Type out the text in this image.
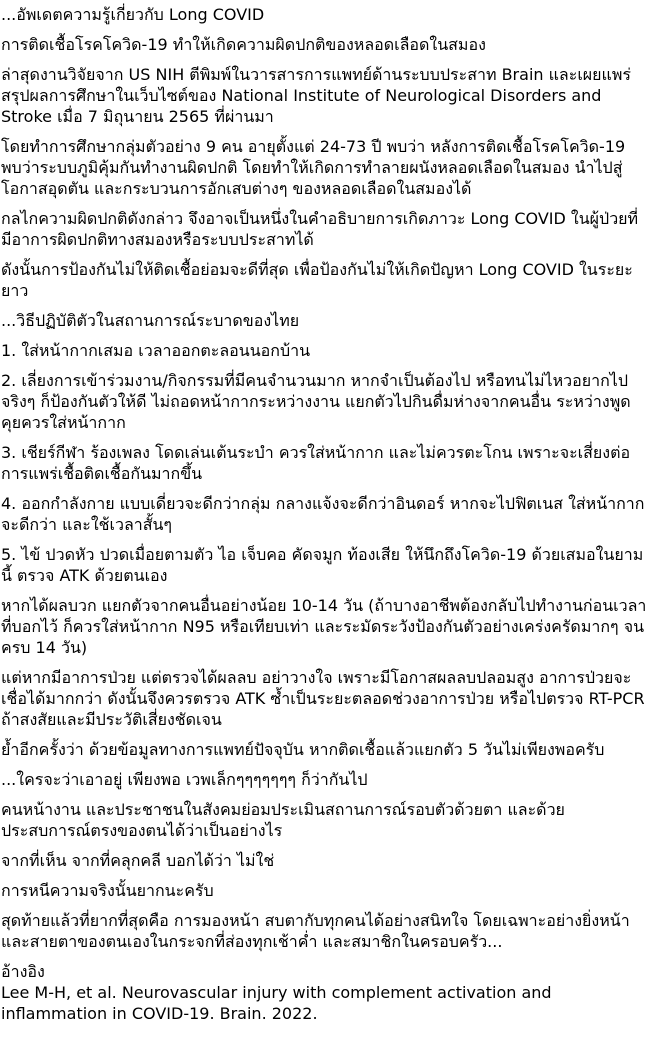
...อัพเดตความรู้เกี่ยวกับ Long COVID

การติดเชื้อโรคโควิด-19 ทำให้เกิดความผิดปกติของหลอดเลือดในสมอง

ล่าสุดงานวิจัยจาก US NIH ตีพิมพ์ในวารสารการแพทย์ด้านระบบประสาท Brain และเผยแพร่สรุปผลการศึกษาในเว็บไซต์ของ National Institute of Neurological Disorders and Stroke เมื่อ 7 มิถุนายน 2565 ที่ผ่านมา

โดยทำการศึกษากลุ่มตัวอย่าง 9 คน อายุตั้งแต่ 24-73 ปี พบว่า หลังการติดเชื้อโรคโควิด-19 พบว่าระบบภูมิคุ้มกันทำงานผิดปกติ โดยทำให้เกิดการทำลายผนังหลอดเลือดในสมอง นำไปสู่โอกาสอุดตัน และกระบวนการอักเสบต่างๆ ของหลอดเลือดในสมองได้

กลไกความผิดปกติดังกล่าว จึงอาจเป็นหนึ่งในคำอธิบายการเกิดภาวะ Long COVID ในผู้ป่วยที่มีอาการผิดปกติทางสมองหรือระบบประสาทได้

ดังนั้นการป้องกันไม่ให้ติดเชื้อย่อมจะดีที่สุด เพื่อป้องกันไม่ให้เกิดปัญหา Long COVID ในระยะยาว

...วิธีปฏิบัติตัวในสถานการณ์ระบาดของไทย

1. ใส่หน้ากากเสมอ เวลาออกตะลอนนอกบ้าน

2. เลี่ยงการเข้าร่วมงาน/กิจกรรมที่มีคนจำนวนมาก หากจำเป็นต้องไป หรือทนไม่ไหวอยากไปจริงๆ ก็ป้องกันตัวให้ดี ไม่ถอดหน้ากากระหว่างงาน แยกตัวไปกินดื่มห่างจากคนอื่น ระหว่างพูดคุยควรใส่หน้ากาก

3. เชียร์กีฬา ร้องเพลง โดดเล่นเต้นระบำ ควรใส่หน้ากาก และไม่ควรตะโกน เพราะจะเสี่ยงต่อการแพร่เชื้อติดเชื้อกันมากขึ้น

4. ออกกำลังกาย แบบเดี่ยวจะดีกว่ากลุ่ม กลางแจ้งจะดีกว่าอินดอร์ หากจะไปฟิตเนส ใส่หน้ากากจะดีกว่า และใช้เวลาสั้นๆ

5. ไข้ ปวดหัว ปวดเมื่อยตามตัว ไอ เจ็บคอ คัดจมูก ท้องเสีย ให้นึกถึงโควิด-19 ด้วยเสมอในยามนี้ ตรวจ ATK ด้วยตนเอง

หากได้ผลบวก แยกตัวจากคนอื่นอย่างน้อย 10-14 วัน (ถ้าบางอาชีพต้องกลับไปทำงานก่อนเวลาที่บอกไว้ ก็ควรใส่หน้ากาก N95 หรือเทียบเท่า และระมัดระวังป้องกันตัวอย่างเคร่งครัดมากๆ จนครบ 14 วัน)

แต่หากมีอาการป่วย แต่ตรวจได้ผลลบ อย่าวางใจ เพราะมีโอกาสผลลบปลอมสูง อาการป่วยจะเชื่อได้มากกว่า ดังนั้นจึงควรตรวจ ATK ซ้ำเป็นระยะตลอดช่วงอาการป่วย หรือไปตรวจ RT-PCR ถ้าสงสัยและมีประวัติเสี่ยงชัดเจน

ย้ำอีกครั้งว่า ด้วยข้อมูลทางการแพทย์ปัจจุบัน หากติดเชื้อแล้วแยกตัว 5 วันไม่เพียงพอครับ

...ใครจะว่าเอาอยู่ เพียงพอ เวพเล็กๆๆๆๆๆๆๆ ก็ว่ากันไป

คนหน้างาน และประชาชนในสังคมย่อมประเมินสถานการณ์รอบตัวด้วยตา และด้วยประสบการณ์ตรงของตนได้ว่าเป็นอย่างไร

จากที่เห็น จากที่คลุกคลี บอกได้ว่า ไม่ใช่

การหนีความจริงนั้นยากนะครับ

สุดท้ายแล้วที่ยากที่สุดคือ การมองหน้า สบตากับทุกคนได้อย่างสนิทใจ โดยเฉพาะอย่างยิ่งหน้าและสายตาของตนเองในกระจกที่ส่องทุกเช้าค่ำ และสมาชิกในครอบครัว...

อ้างอิง

Lee M-H, et al. Neurovascular injury with complement activation and inflammation in COVID-19. Brain. 2022.
